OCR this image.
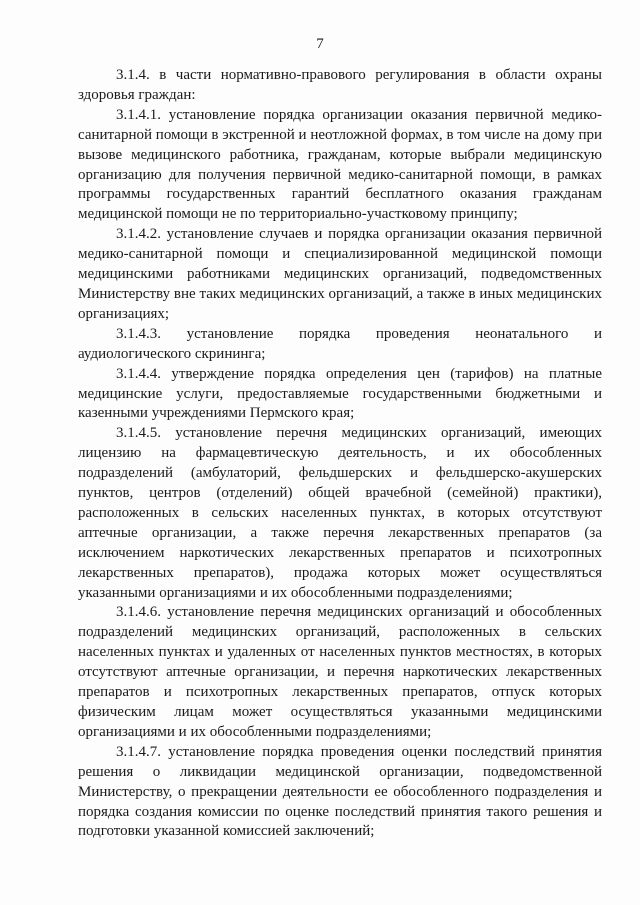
7

3.1.4. в части нормативно-правового регулирования в области охраны здоровья граждан:

3.1.4.1. установление порядка организации оказания первичной медико-санитарной помощи в экстренной и неотложной формах, в том числе на дому при вызове медицинского работника, гражданам, которые выбрали медицинскую организацию для получения первичной медико-санитарной помощи, в рамках программы государственных гарантий бесплатного оказания гражданам медицинской помощи не по территориально-участковому принципу;

3.1.4.2. установление случаев и порядка организации оказания первичной медико-санитарной помощи и специализированной медицинской помощи медицинскими работниками медицинских организаций, подведомственных Министерству вне таких медицинских организаций, а также в иных медицинских организациях;

3.1.4.3. установление порядка проведения неонатального и аудиологического скрининга;

3.1.4.4. утверждение порядка определения цен (тарифов) на платные медицинские услуги, предоставляемые государственными бюджетными и казенными учреждениями Пермского края;

3.1.4.5. установление перечня медицинских организаций, имеющих лицензию на фармацевтическую деятельность, и их обособленных подразделений (амбулаторий, фельдшерских и фельдшерско-акушерских пунктов, центров (отделений) общей врачебной (семейной) практики), расположенных в сельских населенных пунктах, в которых отсутствуют аптечные организации, а также перечня лекарственных препаратов (за исключением наркотических лекарственных препаратов и психотропных лекарственных препаратов), продажа которых может осуществляться указанными организациями и их обособленными подразделениями;

3.1.4.6. установление перечня медицинских организаций и обособленных подразделений медицинских организаций, расположенных в сельских населенных пунктах и удаленных от населенных пунктов местностях, в которых отсутствуют аптечные организации, и перечня наркотических лекарственных препаратов и психотропных лекарственных препаратов, отпуск которых физическим лицам может осуществляться указанными медицинскими организациями и их обособленными подразделениями;

3.1.4.7. установление порядка проведения оценки последствий принятия решения о ликвидации медицинской организации, подведомственной Министерству, о прекращении деятельности ее обособленного подразделения и порядка создания комиссии по оценке последствий принятия такого решения и подготовки указанной комиссией заключений;
